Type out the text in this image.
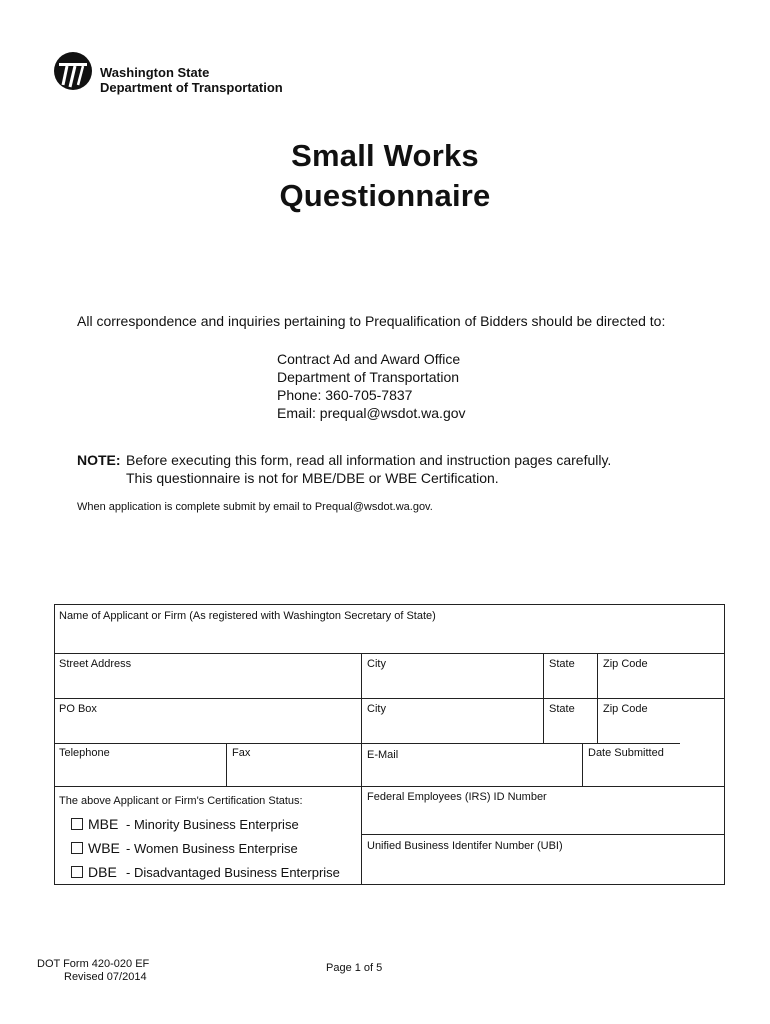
Washington State
Department of Transportation
Small Works
Questionnaire
All correspondence and inquiries pertaining to Prequalification of Bidders should be directed to:
Contract Ad and Award Office
Department of Transportation
Phone: 360-705-7837
Email: prequal@wsdot.wa.gov
NOTE: Before executing this form, read all information and instruction pages carefully.
This questionnaire is not for MBE/DBE or WBE Certification.
When application is complete submit by email to Prequal@wsdot.wa.gov.
Name of Applicant or Firm (As registered with Washington Secretary of State)
Street Address	City	State	Zip Code
PO Box	City	State	Zip Code
Telephone	Fax	E-Mail	Date Submitted
The above Applicant or Firm's Certification Status:	Federal Employees (IRS) ID Number
Unified Business Identifer Number (UBI)
MBE - Minority Business Enterprise
WBE - Women Business Enterprise
DBE - Disadvantaged Business Enterprise
DOT Form 420-020 EF
Revised 07/2014
Page 1 of 5
